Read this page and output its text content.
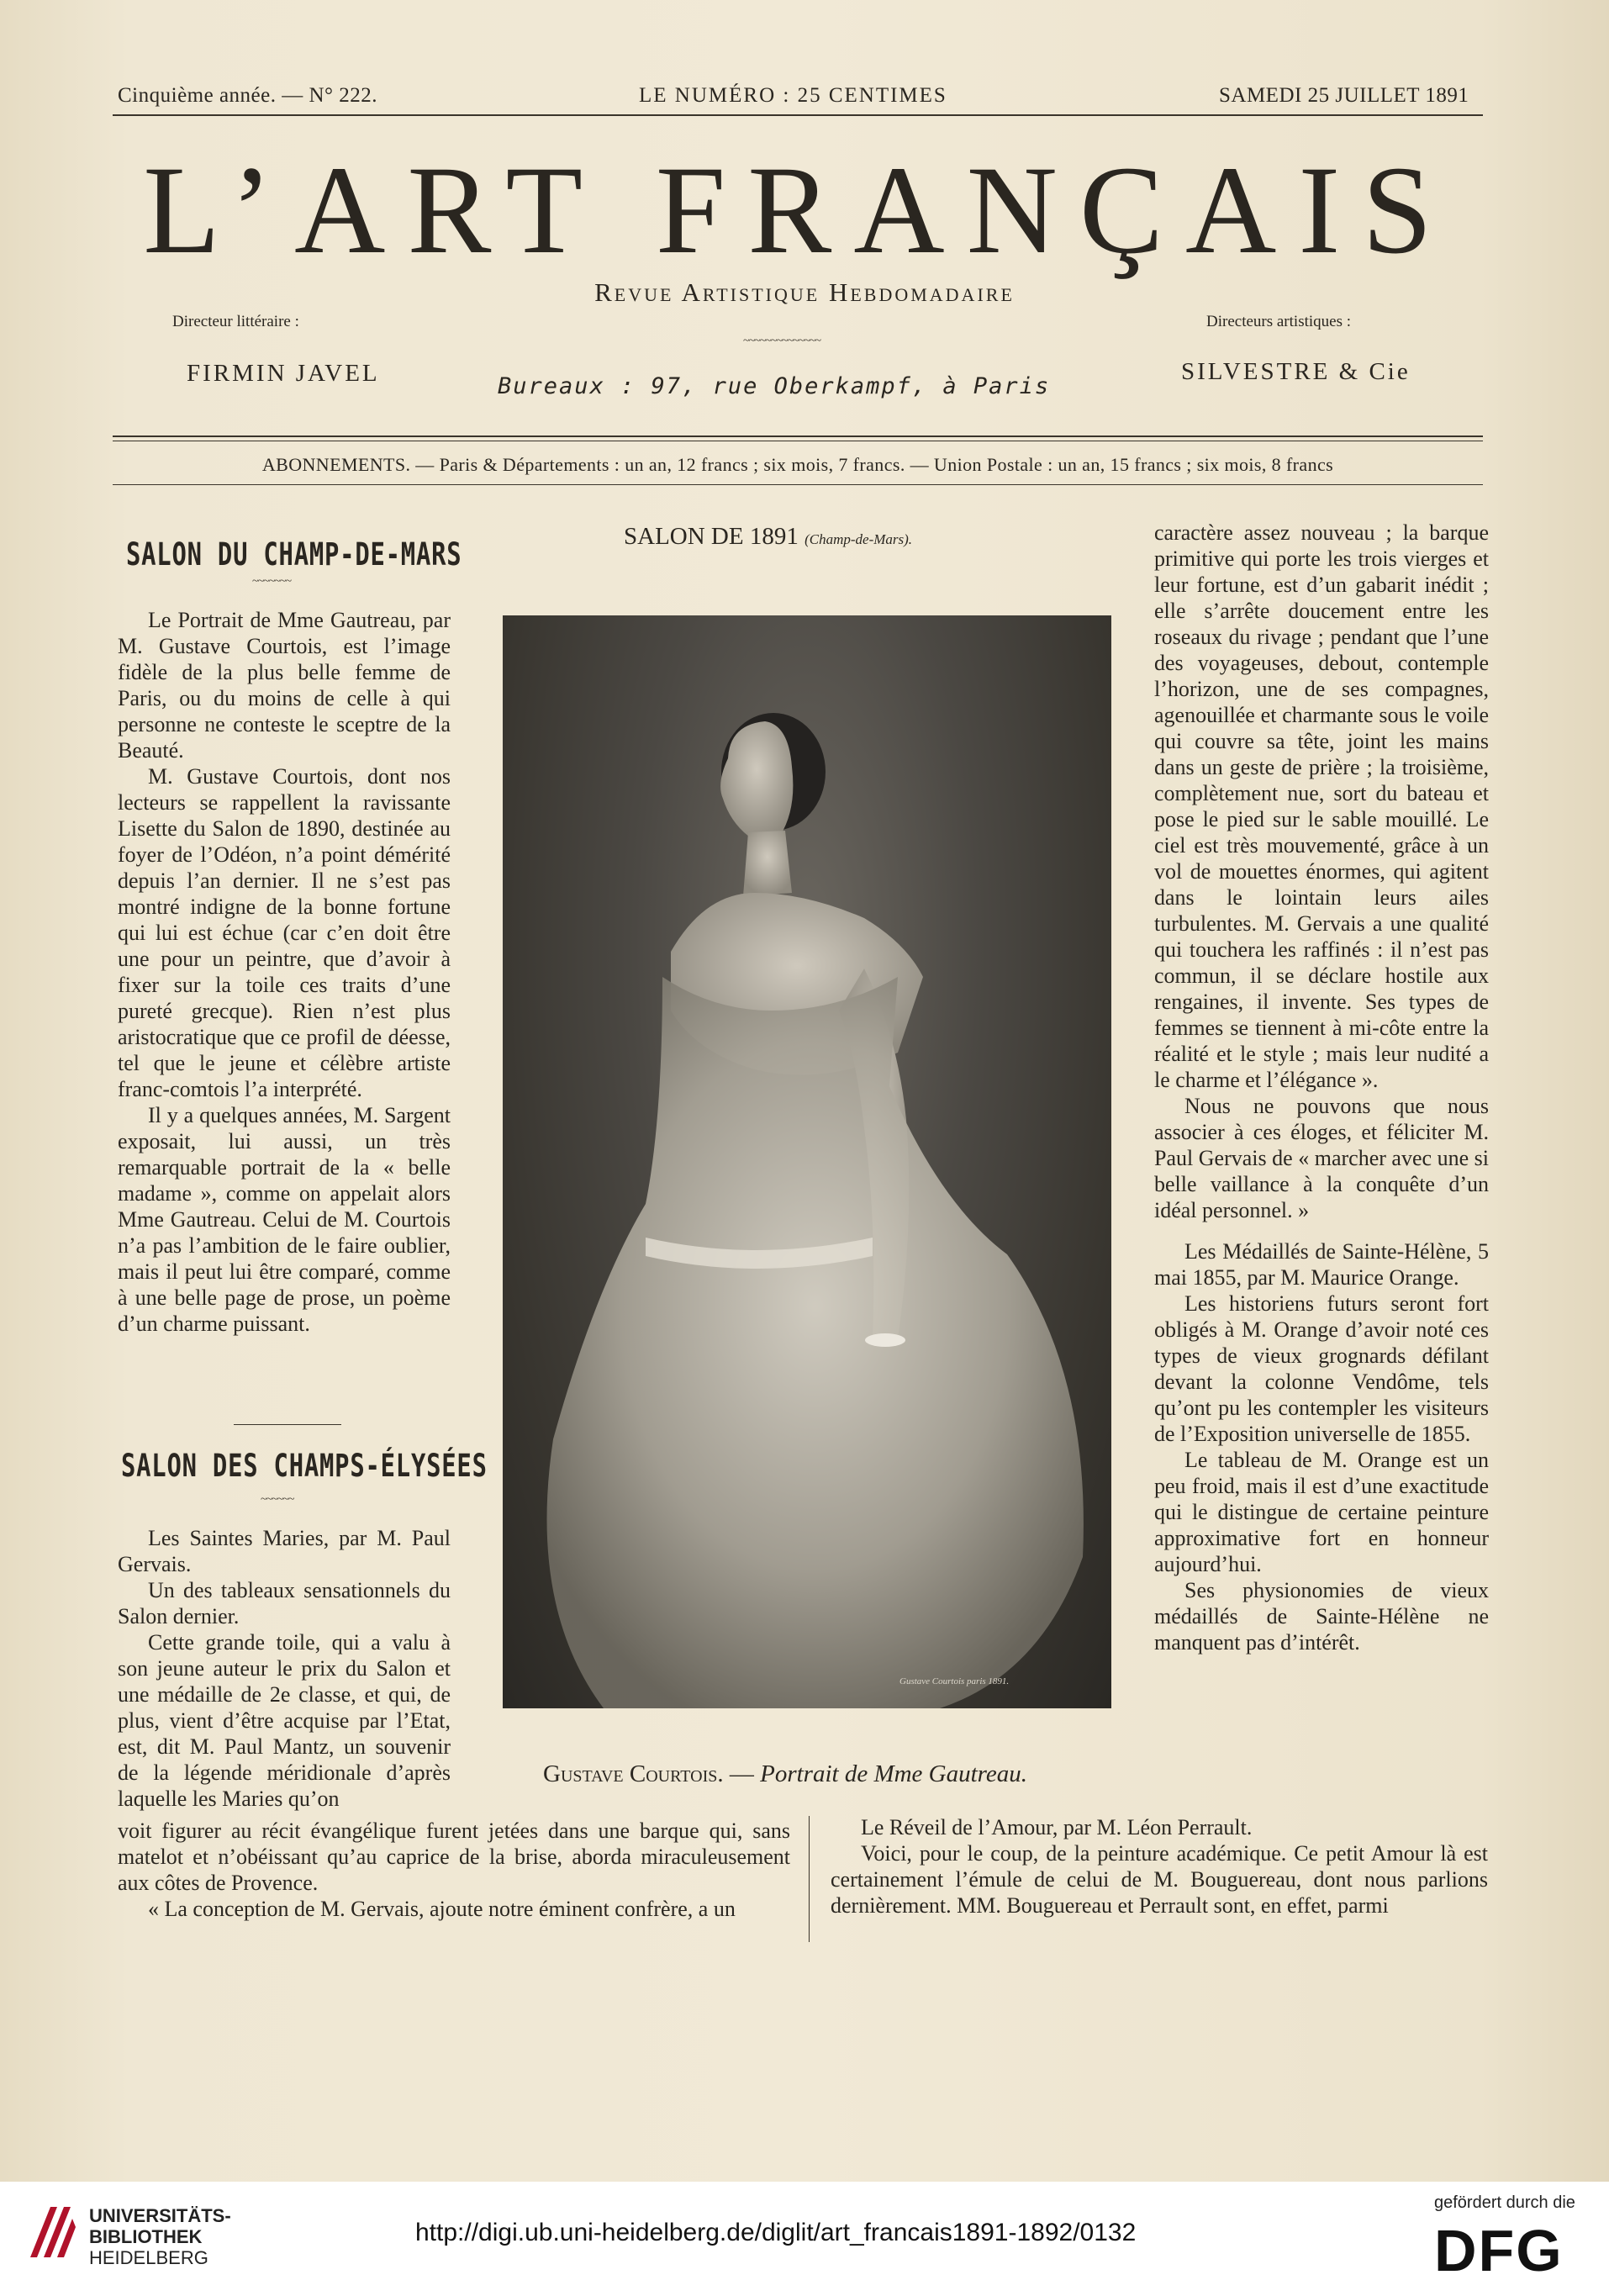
Cinquième année. — N° 222.	LE NUMÉRO : 25 CENTIMES	SAMEDI 25 JUILLET 1891
L’ART FRANÇAIS
Revue Artistique Hebdomadaire
~~~~~~~~~~~~~~
Directeur littéraire :
FIRMIN JAVEL
Directeurs artistiques :
SILVESTRE & Cie
Bureaux : 97, rue Oberkampf, à Paris
ABONNEMENTS. — Paris & Départements : un an, 12 francs ; six mois, 7 francs. — Union Postale : un an, 15 francs ; six mois, 8 francs
SALON DU CHAMP-DE-MARS
~~~~~~~

Le Portrait de Mme Gautreau, par M. Gustave Courtois, est l’image fidèle de la plus belle femme de Paris, ou du moins de celle à qui personne ne conteste le sceptre de la Beauté.

M. Gustave Courtois, dont nos lecteurs se rappellent la ravissante Lisette du Salon de 1890, destinée au foyer de l’Odéon, n’a point démérité depuis l’an dernier. Il ne s’est pas montré indigne de la bonne fortune qui lui est échue (car c’en doit être une pour un peintre, que d’avoir à fixer sur la toile ces traits d’une pureté grecque). Rien n’est plus aristocratique que ce profil de déesse, tel que le jeune et célèbre artiste franc-comtois l’a interprété.

Il y a quelques années, M. Sargent exposait, lui aussi, un très remarquable portrait de la « belle madame », comme on appelait alors Mme Gautreau. Celui de M. Courtois n’a pas l’ambition de le faire oublier, mais il peut lui être comparé, comme à une belle page de prose, un poème d’un charme puissant.

SALON DES CHAMPS-ÉLYSÉES
~~~~~~

Les Saintes Maries, par M. Paul Gervais.

Un des tableaux sensationnels du Salon dernier.

Cette grande toile, qui a valu à son jeune auteur le prix du Salon et une médaille de 2e classe, et qui, de plus, vient d’être acquise par l’Etat, est, dit M. Paul Mantz, un souvenir de la légende méridionale d’après laquelle les Maries qu’on

SALON DE 1891 (Champ-de-Mars).
Gustave Courtois paris 1891.
Gustave Courtois. — Portrait de Mme Gautreau.

caractère assez nouveau ; la barque primitive qui porte les trois vierges et leur fortune, est d’un gabarit inédit ; elle s’arrête doucement entre les roseaux du rivage ; pendant que l’une des voyageuses, debout, contemple l’horizon, une de ses compagnes, agenouillée et charmante sous le voile qui couvre sa tête, joint les mains dans un geste de prière ; la troisième, complètement nue, sort du bateau et pose le pied sur le sable mouillé. Le ciel est très mouvementé, grâce à un vol de mouettes énormes, qui agitent dans le lointain leurs ailes turbulentes. M. Gervais a une qualité qui touchera les raffinés : il n’est pas commun, il se déclare hostile aux rengaines, il invente. Ses types de femmes se tiennent à mi-côte entre la réalité et le style ; mais leur nudité a le charme et l’élégance ».

Nous ne pouvons que nous associer à ces éloges, et féliciter M. Paul Gervais de « marcher avec une si belle vaillance à la conquête d’un idéal personnel. »

Les Médaillés de Sainte-Hélène, 5 mai 1855, par M. Maurice Orange.

Les historiens futurs seront fort obligés à M. Orange d’avoir noté ces types de vieux grognards défilant devant la colonne Vendôme, tels qu’ont pu les contempler les visiteurs de l’Exposition universelle de 1855.

Le tableau de M. Orange est un peu froid, mais il est d’une exactitude qui le distingue de certaine peinture approximative fort en honneur aujourd’hui.

Ses physionomies de vieux médaillés de Sainte-Hélène ne manquent pas d’intérêt.

voit figurer au récit évangélique furent jetées dans une barque qui, sans matelot et n’obéissant qu’au caprice de la brise, aborda miraculeusement aux côtes de Provence.

« La conception de M. Gervais, ajoute notre éminent confrère, a un

Le Réveil de l’Amour, par M. Léon Perrault.

Voici, pour le coup, de la peinture académique. Ce petit Amour là est certainement l’émule de celui de M. Bouguereau, dont nous parlions dernièrement. MM. Bouguereau et Perrault sont, en effet, parmi

UNIVERSITÄTS-
BIBLIOTHEK
HEIDELBERG
http://digi.ub.uni-heidelberg.de/diglit/art_francais1891-1892/0132
gefördert durch die
DFG
